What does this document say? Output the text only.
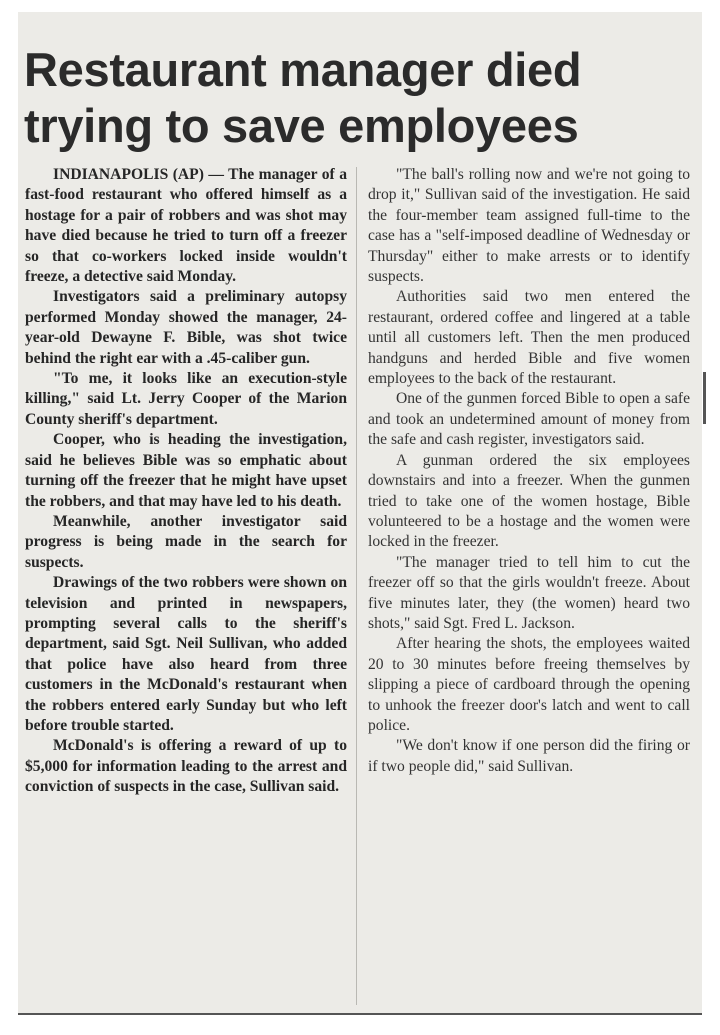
Restaurant manager died trying to save employees

INDIANAPOLIS (AP) — The manager of a fast-food restaurant who offered himself as a hostage for a pair of robbers and was shot may have died because he tried to turn off a freezer so that co-workers locked inside wouldn't freeze, a detective said Monday.

Investigators said a preliminary autopsy performed Monday showed the manager, 24-year-old Dewayne F. Bible, was shot twice behind the right ear with a .45-caliber gun.

"To me, it looks like an execution-style killing," said Lt. Jerry Cooper of the Marion County sheriff's department.

Cooper, who is heading the investigation, said he believes Bible was so emphatic about turning off the freezer that he might have upset the robbers, and that may have led to his death.

Meanwhile, another investigator said progress is being made in the search for suspects.

Drawings of the two robbers were shown on television and printed in newspapers, prompting several calls to the sheriff's department, said Sgt. Neil Sullivan, who added that police have also heard from three customers in the McDonald's restaurant when the robbers entered early Sunday but who left before trouble started.

McDonald's is offering a reward of up to $5,000 for information leading to the arrest and conviction of suspects in the case, Sullivan said.

"The ball's rolling now and we're not going to drop it," Sullivan said of the investigation. He said the four-member team assigned full-time to the case has a "self-imposed deadline of Wednesday or Thursday" either to make arrests or to identify suspects.

Authorities said two men entered the restaurant, ordered coffee and lingered at a table until all customers left. Then the men produced handguns and herded Bible and five women employees to the back of the restaurant.

One of the gunmen forced Bible to open a safe and took an undetermined amount of money from the safe and cash register, investigators said.

A gunman ordered the six employees downstairs and into a freezer. When the gunmen tried to take one of the women hostage, Bible volunteered to be a hostage and the women were locked in the freezer.

"The manager tried to tell him to cut the freezer off so that the girls wouldn't freeze. About five minutes later, they (the women) heard two shots," said Sgt. Fred L. Jackson.

After hearing the shots, the employees waited 20 to 30 minutes before freeing themselves by slipping a piece of cardboard through the opening to unhook the freezer door's latch and went to call police.

"We don't know if one person did the firing or if two people did," said Sullivan.
